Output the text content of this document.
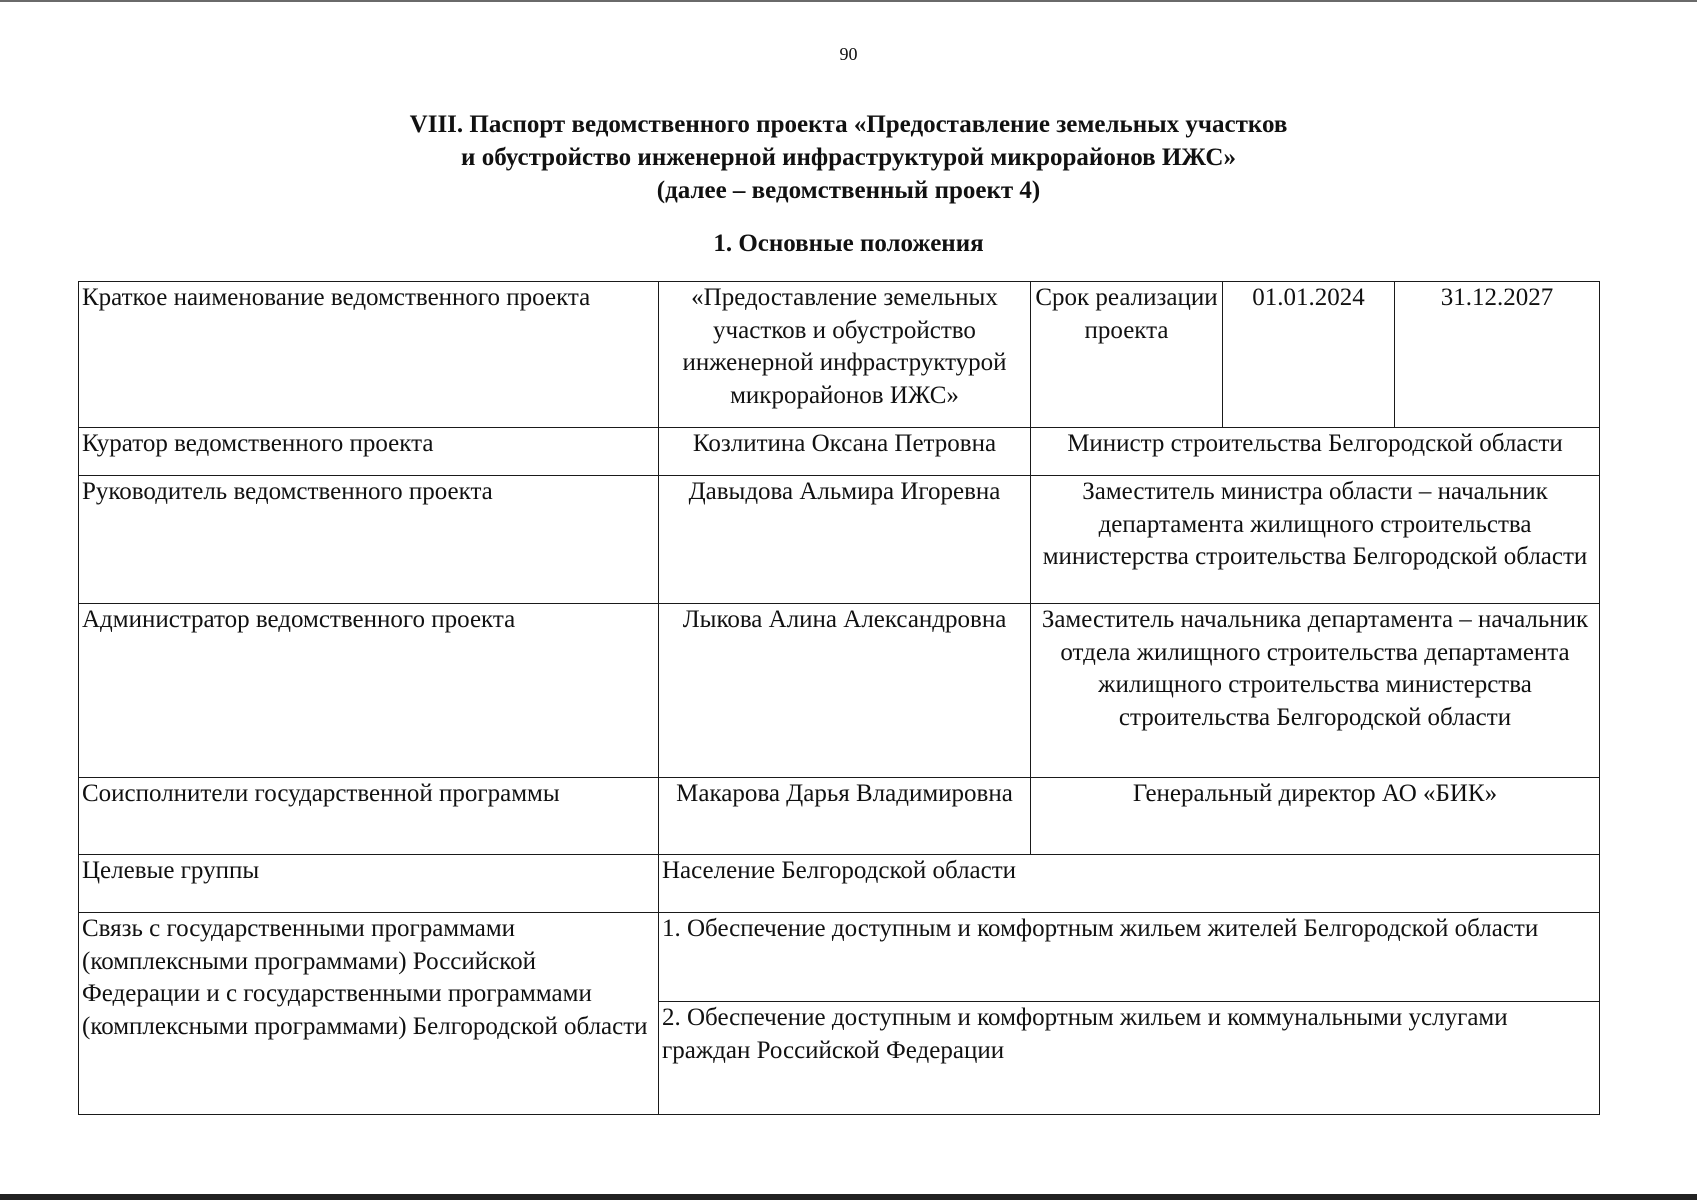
90
VIII. Паспорт ведомственного проекта «Предоставление земельных участков
и обустройство инженерной инфраструктурой микрорайонов ИЖС»
(далее – ведомственный проект 4)
1. Основные положения
Краткое наименование ведомственного проекта	«Предоставление земельных участков и обустройство инженерной инфраструктурой микрорайонов ИЖС»	Срок реализации проекта	01.01.2024	31.12.2027
Куратор ведомственного проекта	Козлитина Оксана Петровна	Министр строительства Белгородской области		
Руководитель ведомственного проекта	Давыдова Альмира Игоревна	Заместитель министра области – начальник департамента жилищного строительства министерства строительства Белгородской области		
Администратор ведомственного проекта	Лыкова Алина Александровна	Заместитель начальника департамента – начальник отдела жилищного строительства департамента жилищного строительства министерства строительства Белгородской области		
Соисполнители государственной программы	Макарова Дарья Владимировна	Генеральный директор АО «БИК»		
Целевые группы	Население Белгородской области			
Связь с государственными программами (комплексными программами) Российской Федерации и с государственными программами (комплексными программами) Белгородской области	1. Обеспечение доступным и комфортным жильем жителей Белгородской области			
	2. Обеспечение доступным и комфортным жильем и коммунальными услугами граждан Российской Федерации			
